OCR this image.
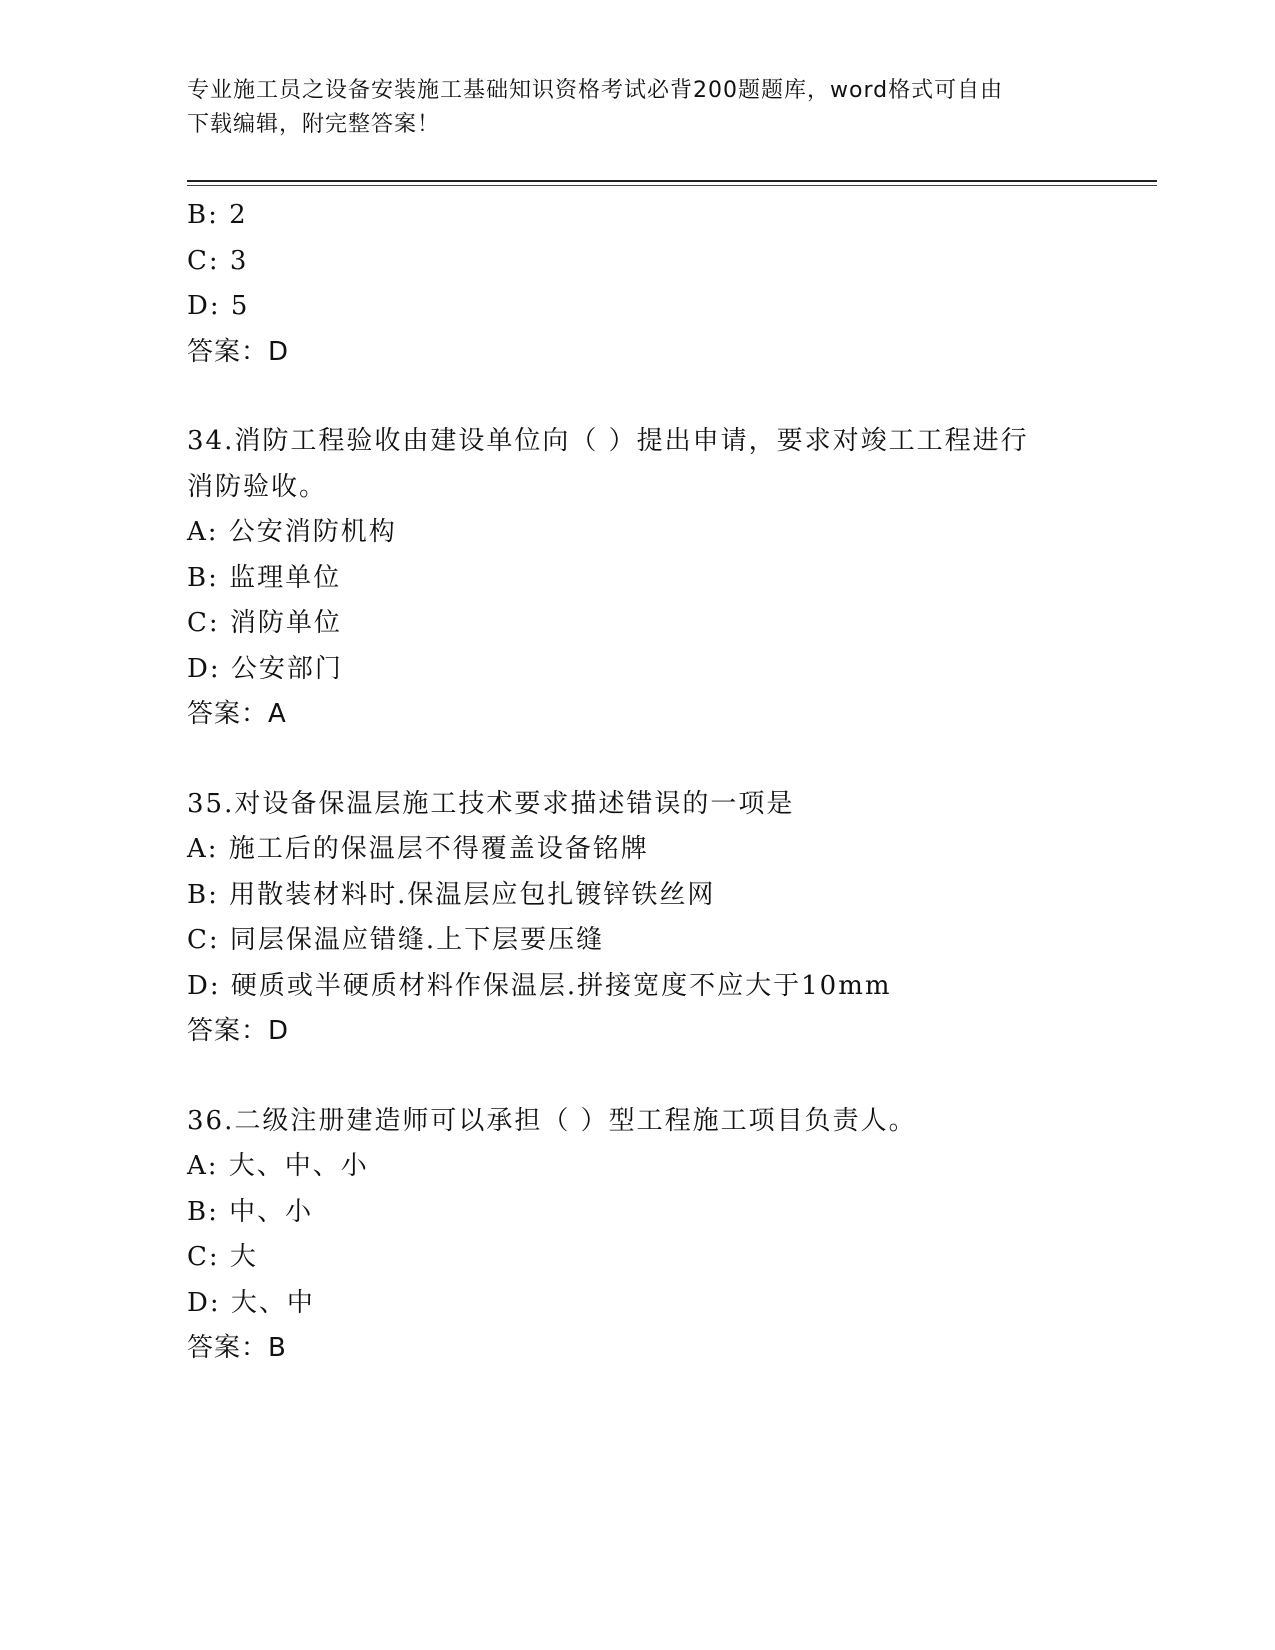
专业施工员之设备安装施工基础知识资格考试必背200题题库，word格式可自由
下载编辑，附完整答案！
B: 2
C: 3
D: 5
答案：D
34.消防工程验收由建设单位向（ ）提出申请，要求对竣工工程进行
消防验收。
A: 公安消防机构
B: 监理单位
C: 消防单位
D: 公安部门
答案：A
35.对设备保温层施工技术要求描述错误的一项是
A: 施工后的保温层不得覆盖设备铭牌
B: 用散装材料时.保温层应包扎镀锌铁丝网
C: 同层保温应错缝.上下层要压缝
D: 硬质或半硬质材料作保温层.拼接宽度不应大于10mm
答案：D
36.二级注册建造师可以承担（ ）型工程施工项目负责人。
A: 大、中、小
B: 中、小
C: 大
D: 大、中
答案：B
